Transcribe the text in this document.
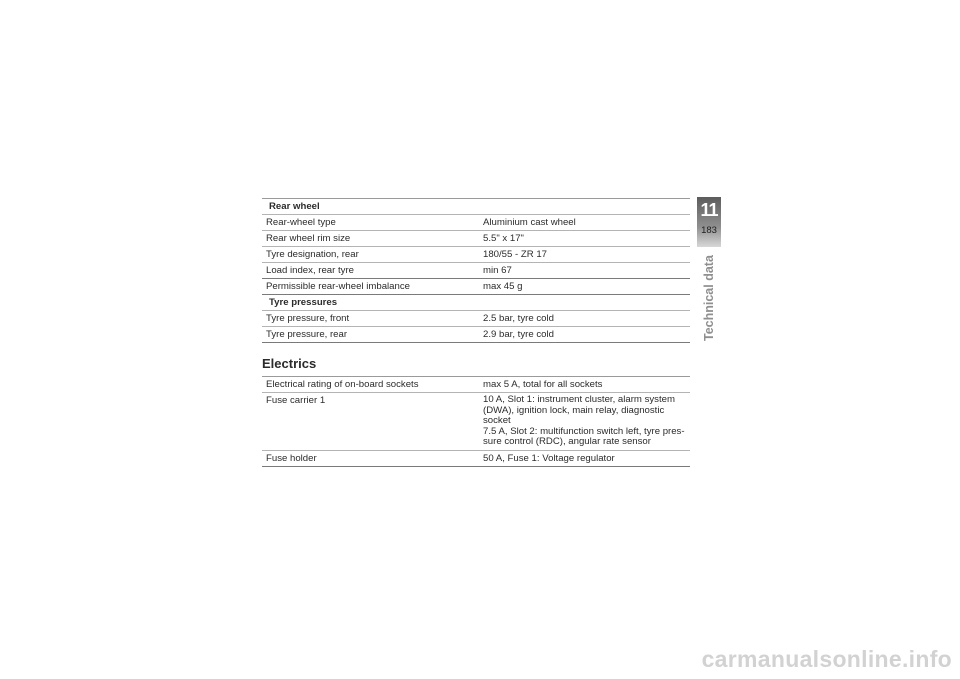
Rear wheel
Rear-wheel type	Aluminium cast wheel
Rear wheel rim size	5.5" x 17"
Tyre designation, rear	180/55 - ZR 17
Load index, rear tyre	min 67
Permissible rear-wheel imbalance	max 45 g
Tyre pressures
Tyre pressure, front	2.5 bar, tyre cold
Tyre pressure, rear	2.9 bar, tyre cold
Electrics
Electrical rating of on-board sockets	max 5 A, total for all sockets
Fuse carrier 1	10 A, Slot 1: instrument cluster, alarm system
(DWA), ignition lock, main relay, diagnostic socket
7.5 A, Slot 2: multifunction switch left, tyre pres-
sure control (RDC), angular rate sensor
Fuse holder	50 A, Fuse 1: Voltage regulator
11
183
Technical data
carmanualsonline.info
